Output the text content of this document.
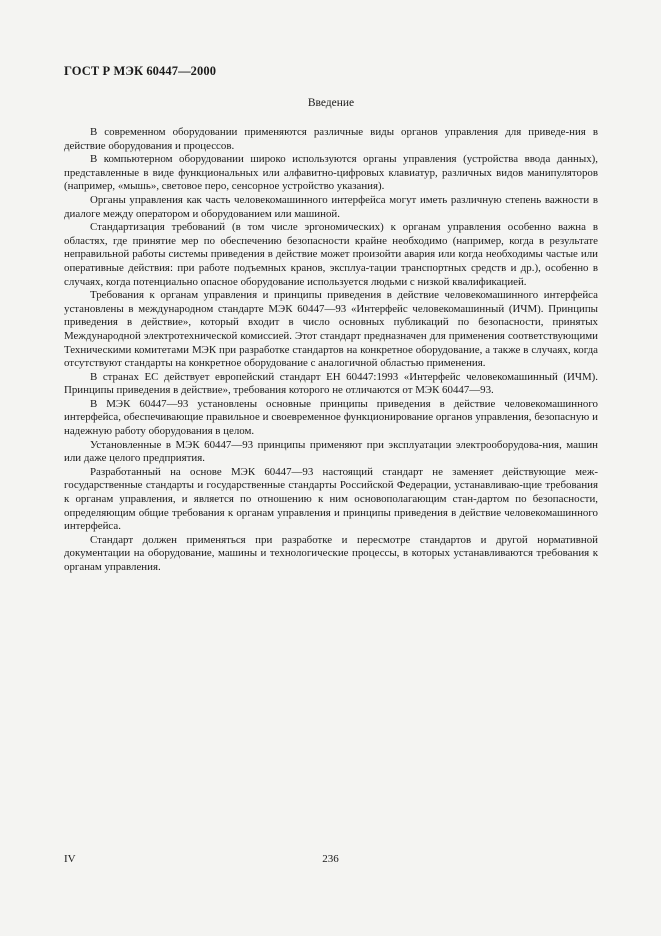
ГОСТ Р МЭК 60447—2000
Введение

В современном оборудовании применяются различные виды органов управления для приведе-ния в действие оборудования и процессов.

В компьютерном оборудовании широко используются органы управления (устройства ввода данных), представленные в виде функциональных или алфавитно-цифровых клавиатур, различных видов манипуляторов (например, «мышь», световое перо, сенсорное устройство указания).

Органы управления как часть человекомашинного интерфейса могут иметь различную степень важности в диалоге между оператором и оборудованием или машиной.

Стандартизация требований (в том числе эргономических) к органам управления особенно важна в областях, где принятие мер по обеспечению безопасности крайне необходимо (например, когда в результате неправильной работы системы приведения в действие может произойти авария или когда необходимы частые или оперативные действия: при работе подъемных кранов, эксплуа-тации транспортных средств и др.), особенно в случаях, когда потенциально опасное оборудование используется людьми с низкой квалификацией.

Требования к органам управления и принципы приведения в действие человекомашинного интерфейса установлены в международном стандарте МЭК 60447—93 «Интерфейс человекомашинный (ИЧМ). Принципы приведения в действие», который входит в число основных публикаций по безопасности, принятых Международной электротехнической комиссией. Этот стандарт предназначен для применения соответствующими Техническими комитетами МЭК при разработке стандартов на конкретное оборудование, а также в случаях, когда отсутствуют стандарты на конкретное оборудование с аналогичной областью применения.

В странах ЕС действует европейский стандарт ЕН 60447:1993 «Интерфейс человекомашинный (ИЧМ). Принципы приведения в действие», требования которого не отличаются от МЭК 60447—93.

В МЭК 60447—93 установлены основные принципы приведения в действие человекомашинного интерфейса, обеспечивающие правильное и своевременное функционирование органов управления, безопасную и надежную работу оборудования в целом.

Установленные в МЭК 60447—93 принципы применяют при эксплуатации электрооборудова-ния, машин или даже целого предприятия.

Разработанный на основе МЭК 60447—93 настоящий стандарт не заменяет действующие меж-государственные стандарты и государственные стандарты Российской Федерации, устанавливаю-щие требования к органам управления, и является по отношению к ним основополагающим стан-дартом по безопасности, определяющим общие требования к органам управления и принципы приведения в действие человекомашинного интерфейса.

Стандарт должен применяться при разработке и пересмотре стандартов и другой нормативной документации на оборудование, машины и технологические процессы, в которых устанавливаются требования к органам управления.

IV	236
